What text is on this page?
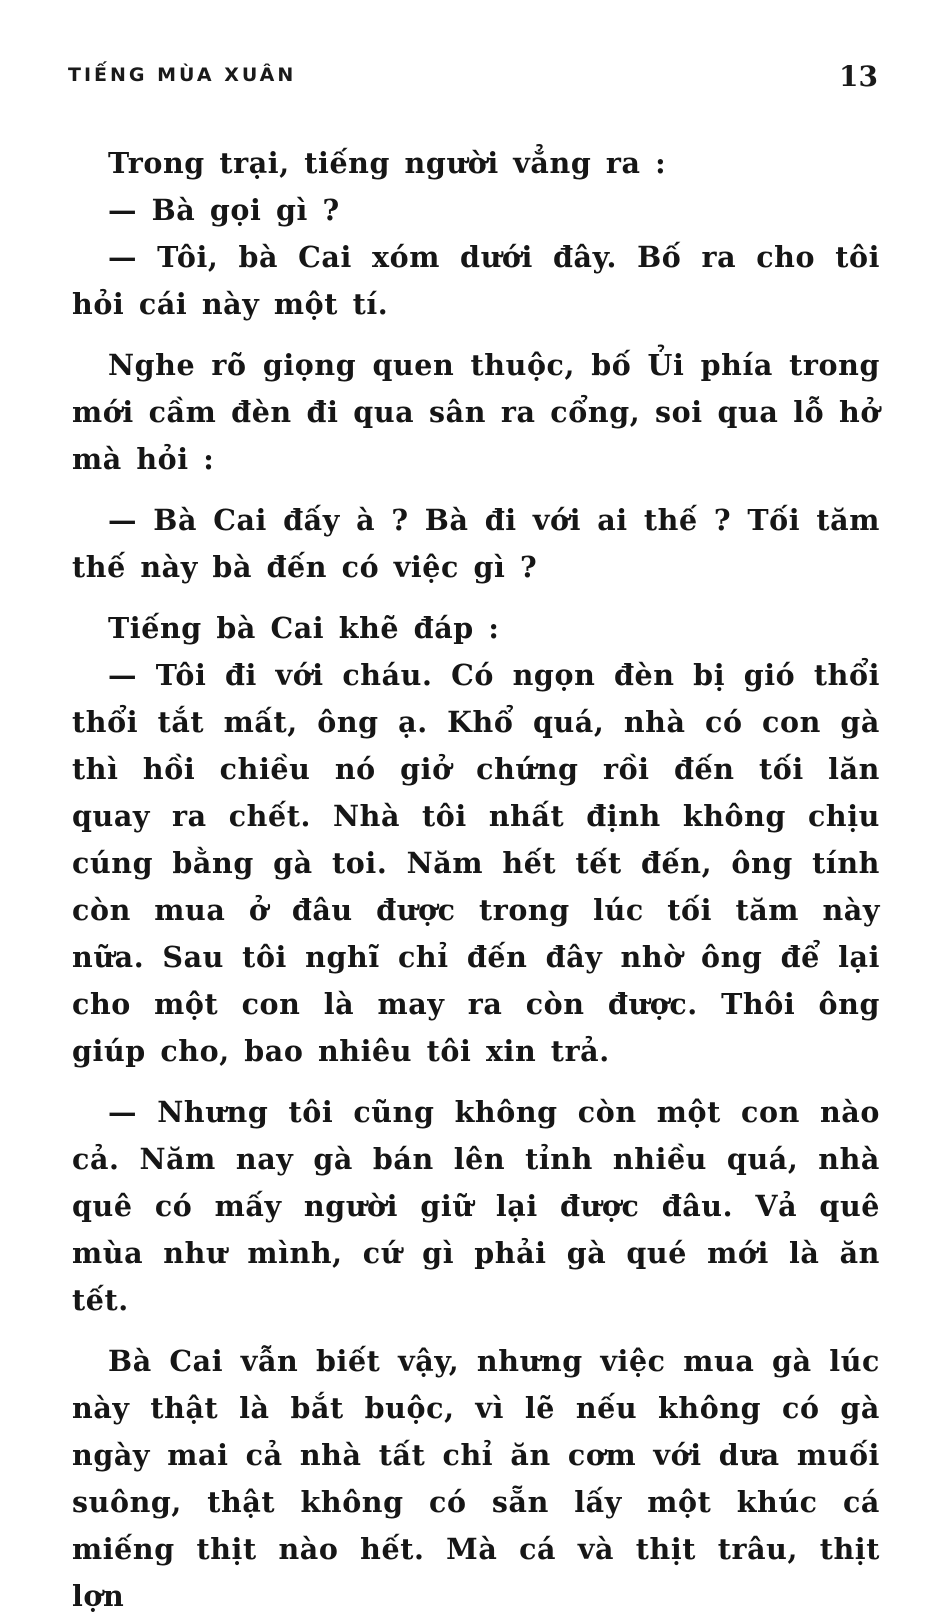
TIẾNG MÙA XUÂN	13

Trong trại, tiếng người vẳng ra :

— Bà gọi gì ?

— Tôi, bà Cai xóm dưới đây. Bố ra cho tôi hỏi cái này một tí.

Nghe rõ giọng quen thuộc, bố Ủi phía trong mới cầm đèn đi qua sân ra cổng, soi qua lỗ hở mà hỏi :

— Bà Cai đấy à ? Bà đi với ai thế ? Tối tăm thế này bà đến có việc gì ?

Tiếng bà Cai khẽ đáp :

— Tôi đi với cháu. Có ngọn đèn bị gió thổi thổi tắt mất, ông ạ. Khổ quá, nhà có con gà thì hồi chiều nó giở chứng rồi đến tối lăn quay ra chết. Nhà tôi nhất định không chịu cúng bằng gà toi. Năm hết tết đến, ông tính còn mua ở đâu được trong lúc tối tăm này nữa. Sau tôi nghĩ chỉ đến đây nhờ ông để lại cho một con là may ra còn được. Thôi ông giúp cho, bao nhiêu tôi xin trả.

— Nhưng tôi cũng không còn một con nào cả. Năm nay gà bán lên tỉnh nhiều quá, nhà quê có mấy người giữ lại được đâu. Vả quê mùa như mình, cứ gì phải gà qué mới là ăn tết.

Bà Cai vẫn biết vậy, nhưng việc mua gà lúc này thật là bắt buộc, vì lẽ nếu không có gà ngày mai cả nhà tất chỉ ăn cơm với dưa muối suông, thật không có sẵn lấy một khúc cá miếng thịt nào hết. Mà cá và thịt trâu, thịt lợn
